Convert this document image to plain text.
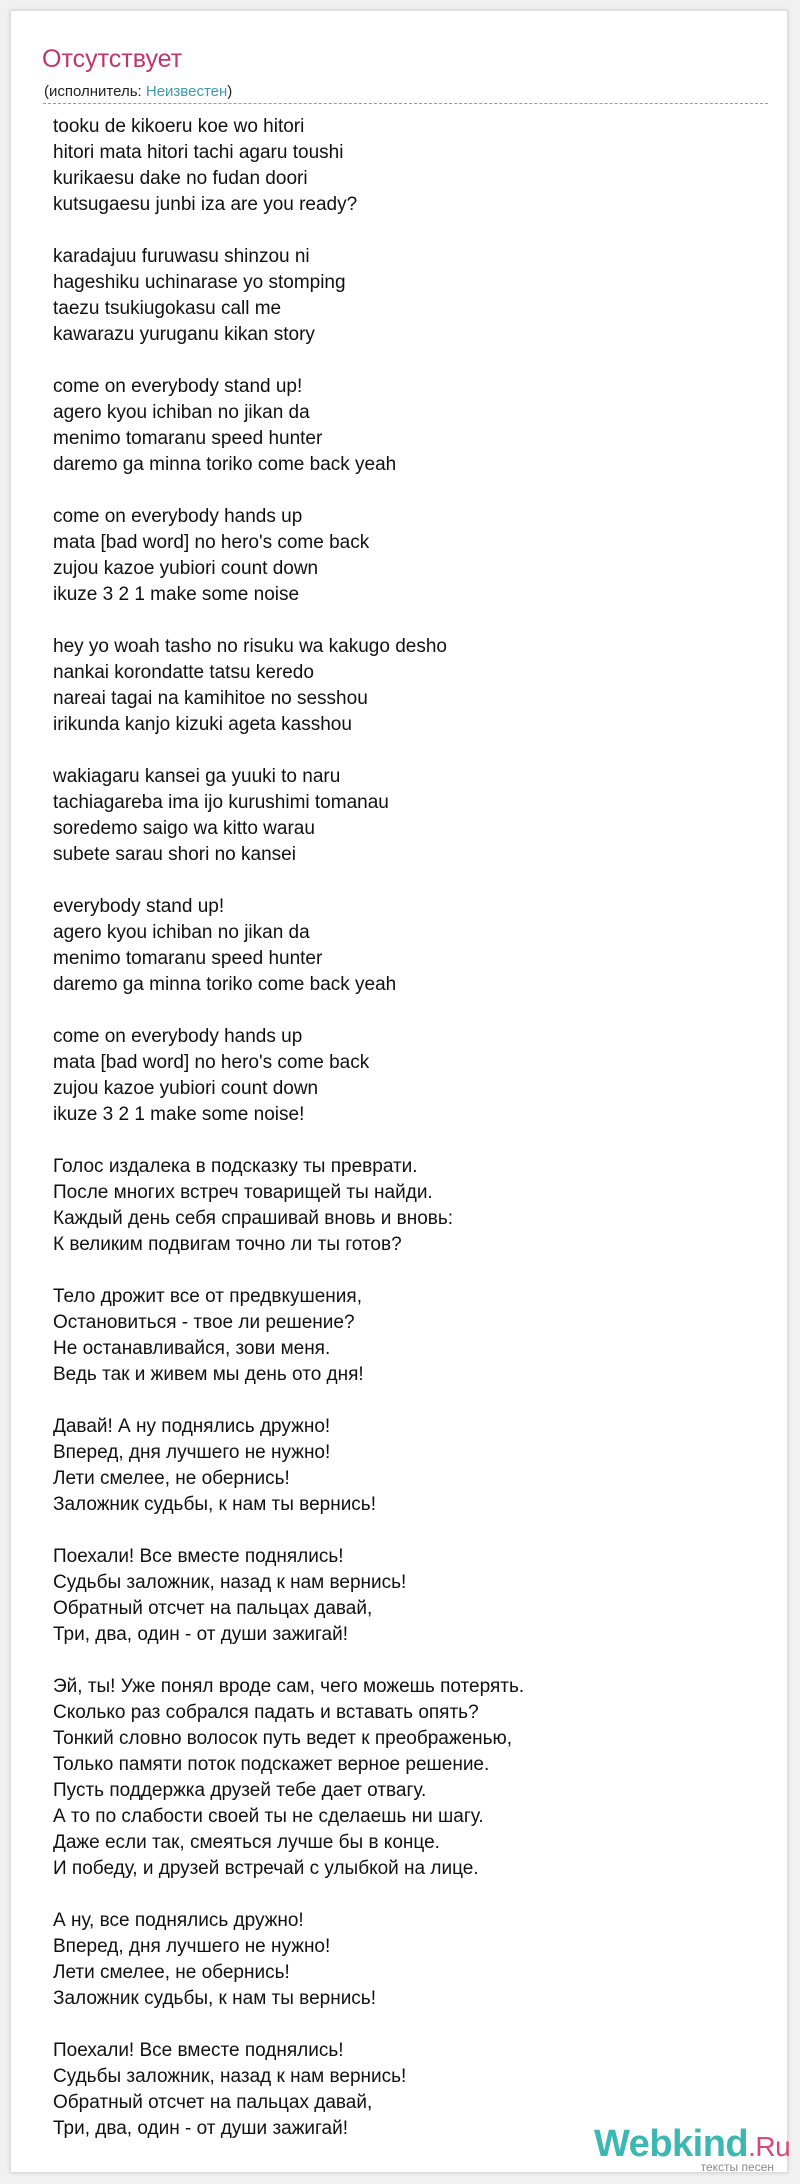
Отсутствует
(исполнитель: Неизвестен)
tooku de kikoeru koe wo hitori
hitori mata hitori tachi agaru toushi
kurikaesu dake no fudan doori
kutsugaesu junbi iza are you ready?
karadajuu furuwasu shinzou ni
hageshiku uchinarase yo stomping
taezu tsukiugokasu call me
kawarazu yuruganu kikan story
come on everybody stand up!
agero kyou ichiban no jikan da
menimo tomaranu speed hunter
daremo ga minna toriko come back yeah
come on everybody hands up
mata [bad word] no hero's come back
zujou kazoe yubiori count down
ikuze 3 2 1 make some noise
hey yo woah tasho no risuku wa kakugo desho
nankai korondatte tatsu keredo
nareai tagai na kamihitoe no sesshou
irikunda kanjo kizuki ageta kasshou
wakiagaru kansei ga yuuki to naru
tachiagareba ima ijo kurushimi tomanau
soredemo saigo wa kitto warau
subete sarau shori no kansei
everybody stand up!
agero kyou ichiban no jikan da
menimo tomaranu speed hunter
daremo ga minna toriko come back yeah
come on everybody hands up
mata [bad word] no hero's come back
zujou kazoe yubiori count down
ikuze 3 2 1 make some noise!
Голос издалека в подсказку ты преврати.
После многих встреч товарищей ты найди.
Каждый день себя спрашивай вновь и вновь:
К великим подвигам точно ли ты готов?
Тело дрожит все от предвкушения,
Остановиться - твое ли решение?
Не останавливайся, зови меня.
Ведь так и живем мы день ото дня!
Давай! А ну поднялись дружно!
Вперед, дня лучшего не нужно!
Лети смелее, не обернись!
Заложник судьбы, к нам ты вернись!
Поехали! Все вместе поднялись!
Судьбы заложник, назад к нам вернись!
Обратный отсчет на пальцах давай,
Три, два, один - от души зажигай!
Эй, ты! Уже понял вроде сам, чего можешь потерять.
Сколько раз собрался падать и вставать опять?
Тонкий словно волосок путь ведет к преображенью,
Только памяти поток подскажет верное решение.
Пусть поддержка друзей тебе дает отвагу.
А то по слабости своей ты не сделаешь ни шагу.
Даже если так, смеяться лучше бы в конце.
И победу, и друзей встречай с улыбкой на лице.
А ну, все поднялись дружно!
Вперед, дня лучшего не нужно!
Лети смелее, не обернись!
Заложник судьбы, к нам ты вернись!
Поехали! Все вместе поднялись!
Судьбы заложник, назад к нам вернись!
Обратный отсчет на пальцах давай,
Три, два, один - от души зажигай!	Webkind.Ru
тексты песен
